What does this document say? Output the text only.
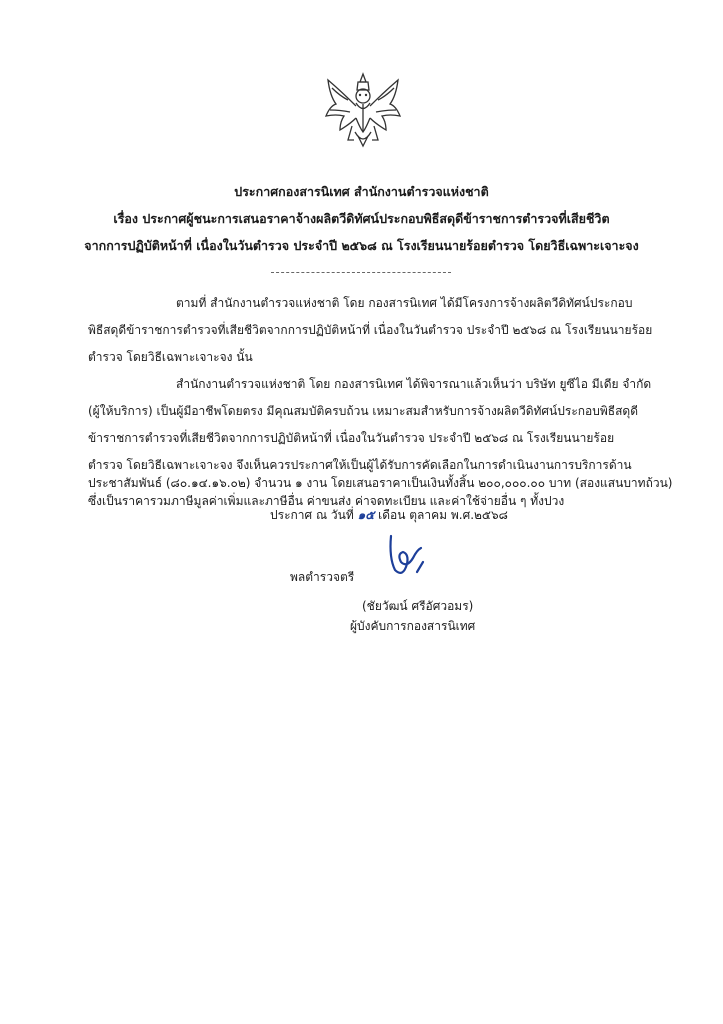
ประกาศกองสารนิเทศ สำนักงานตำรวจแห่งชาติ
เรื่อง ประกาศผู้ชนะการเสนอราคาจ้างผลิตวีดิทัศน์ประกอบพิธีสดุดีข้าราชการตำรวจที่เสียชีวิต
จากการปฏิบัติหน้าที่ เนื่องในวันตำรวจ ประจำปี ๒๕๖๘ ณ โรงเรียนนายร้อยตำรวจ โดยวิธีเฉพาะเจาะจง
ตามที่ สำนักงานตำรวจแห่งชาติ โดย กองสารนิเทศ ได้มีโครงการจ้างผลิตวีดิทัศน์ประกอบ
พิธีสดุดีข้าราชการตำรวจที่เสียชีวิตจากการปฏิบัติหน้าที่ เนื่องในวันตำรวจ ประจำปี ๒๕๖๘ ณ โรงเรียนนายร้อย
ตำรวจ โดยวิธีเฉพาะเจาะจง นั้น
สำนักงานตำรวจแห่งชาติ โดย กองสารนิเทศ ได้พิจารณาแล้วเห็นว่า บริษัท ยูซีไอ มีเดีย จำกัด
(ผู้ให้บริการ) เป็นผู้มีอาชีพโดยตรง มีคุณสมบัติครบถ้วน เหมาะสมสำหรับการจ้างผลิตวีดิทัศน์ประกอบพิธีสดุดี
ข้าราชการตำรวจที่เสียชีวิตจากการปฏิบัติหน้าที่ เนื่องในวันตำรวจ ประจำปี ๒๕๖๘ ณ โรงเรียนนายร้อย
ตำรวจ โดยวิธีเฉพาะเจาะจง จึงเห็นควรประกาศให้เป็นผู้ได้รับการคัดเลือกในการดำเนินงานการบริการด้าน
ประชาสัมพันธ์ (๘๐.๑๔.๑๖.๐๒) จำนวน ๑ งาน โดยเสนอราคาเป็นเงินทั้งสิ้น ๒๐๐,๐๐๐.๐๐ บาท (สองแสนบาทถ้วน)
ซึ่งเป็นราคารวมภาษีมูลค่าเพิ่มและภาษีอื่น ค่าขนส่ง ค่าจดทะเบียน และค่าใช้จ่ายอื่น ๆ ทั้งปวง
ประกาศ ณ วันที่ ๑๕ เดือน ตุลาคม พ.ศ.๒๕๖๘
พลตำรวจตรี
(ชัยวัฒน์ ศรีอัศวอมร)
ผู้บังคับการกองสารนิเทศ
